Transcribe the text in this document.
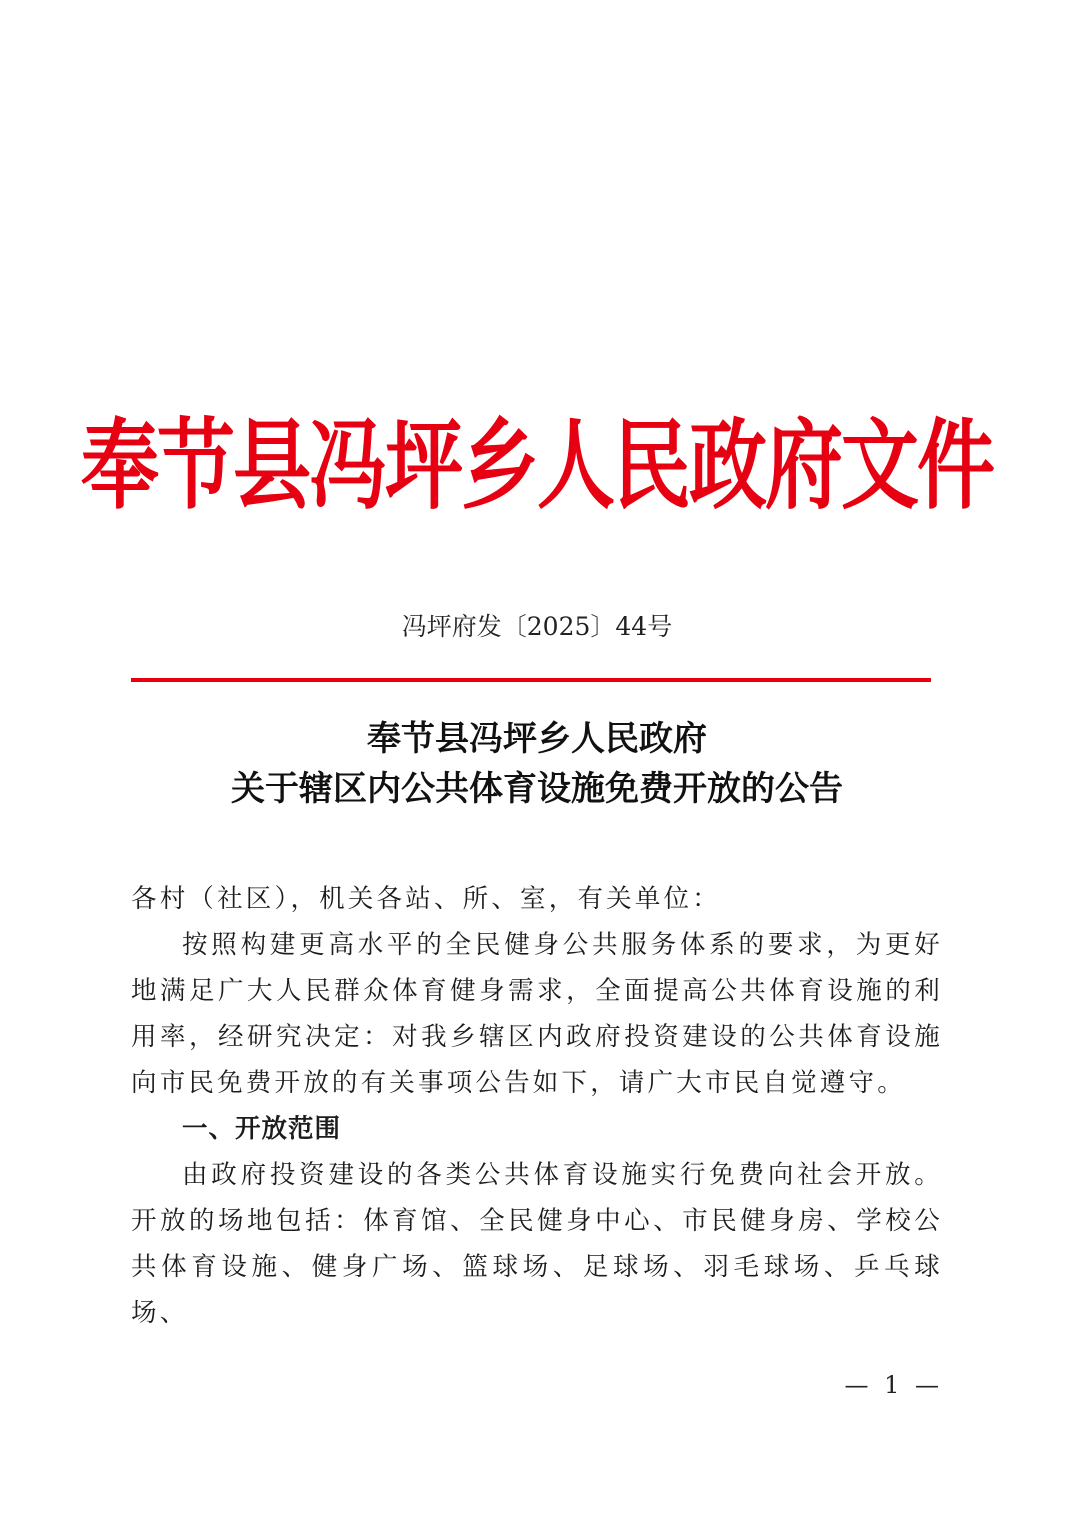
奉节县冯坪乡人民政府文件
冯坪府发〔2025〕44号
奉节县冯坪乡人民政府
关于辖区内公共体育设施免费开放的公告

各村（社区），机关各站、所、室，有关单位：

按照构建更高水平的全民健身公共服务体系的要求，为更好地满足广大人民群众体育健身需求，全面提高公共体育设施的利用率，经研究决定：对我乡辖区内政府投资建设的公共体育设施向市民免费开放的有关事项公告如下，请广大市民自觉遵守。

一、开放范围

由政府投资建设的各类公共体育设施实行免费向社会开放。开放的场地包括：体育馆、全民健身中心、市民健身房、学校公共体育设施、健身广场、篮球场、足球场、羽毛球场、乒乓球场、

— 1 —
